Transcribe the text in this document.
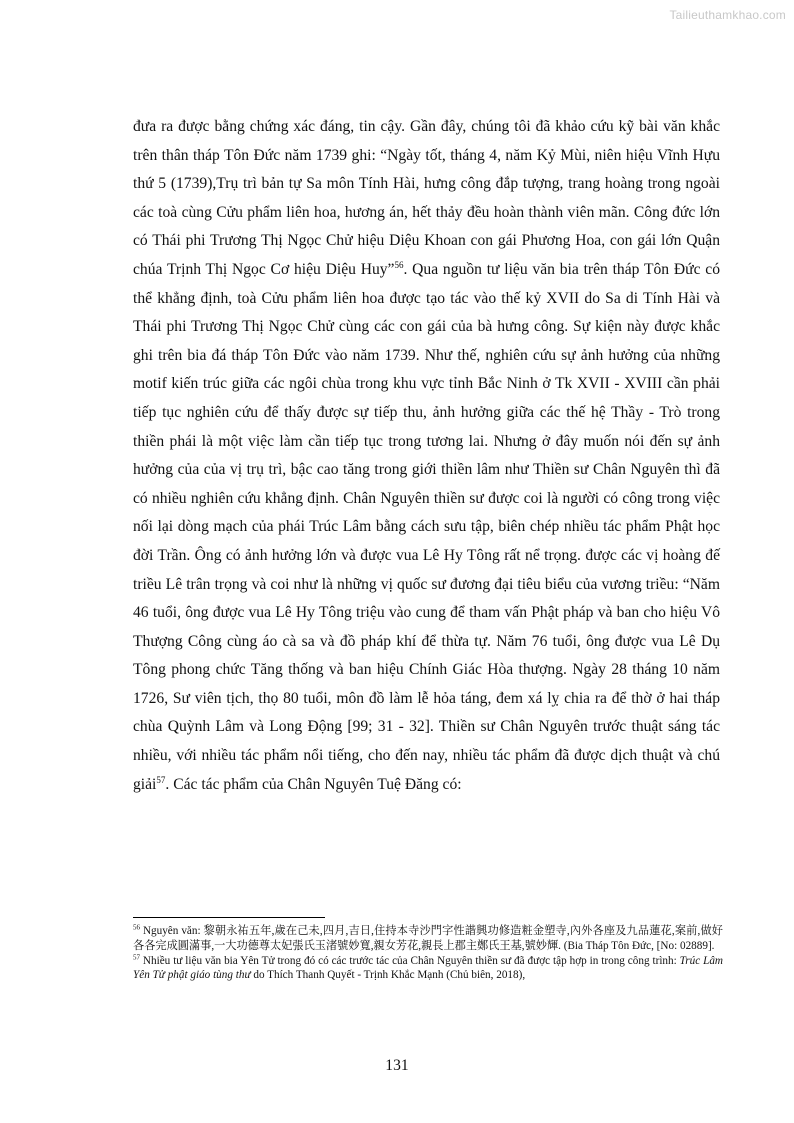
Tailieuthamkhao.com

đưa ra được bằng chứng xác đáng, tin cậy. Gần đây, chúng tôi đã khảo cứu kỹ bài văn khắc trên thân tháp Tôn Đức năm 1739 ghi: “Ngày tốt, tháng 4, năm Kỷ Mùi, niên hiệu Vĩnh Hựu thứ 5 (1739),Trụ trì bản tự Sa môn Tính Hài, hưng công đắp tượng, trang hoàng trong ngoài các toà cùng Cửu phẩm liên hoa, hương án, hết thảy đều hoàn thành viên mãn. Công đức lớn có Thái phi Trương Thị Ngọc Chử hiệu Diệu Khoan con gái Phương Hoa, con gái lớn Quận chúa Trịnh Thị Ngọc Cơ hiệu Diệu Huy”$^{56}$. Qua nguồn tư liệu văn bia trên tháp Tôn Đức có thể khẳng định, toà Cửu phẩm liên hoa được tạo tác vào thế kỷ XVII do Sa di Tính Hài và Thái phi Trương Thị Ngọc Chử cùng các con gái của bà hưng công. Sự kiện này được khắc ghi trên bia đá tháp Tôn Đức vào năm 1739. Như thế, nghiên cứu sự ảnh hưởng của những motif kiến trúc giữa các ngôi chùa trong khu vực tỉnh Bắc Ninh ở Tk XVII - XVIII cần phải tiếp tục nghiên cứu để thấy được sự tiếp thu, ảnh hưởng giữa các thế hệ Thầy - Trò trong thiền phái là một việc làm cần tiếp tục trong tương lai. Nhưng ở đây muốn nói đến sự ảnh hưởng của của vị trụ trì, bậc cao tăng trong giới thiền lâm như Thiền sư Chân Nguyên thì đã có nhiều nghiên cứu khẳng định. Chân Nguyên thiền sư được coi là người có công trong việc nối lại dòng mạch của phái Trúc Lâm bằng cách sưu tập, biên chép nhiều tác phẩm Phật học đời Trần. Ông có ảnh hưởng lớn và được vua Lê Hy Tông rất nể trọng. được các vị hoàng đế triều Lê trân trọng và coi như là những vị quốc sư đương đại tiêu biểu của vương triều: “Năm 46 tuổi, ông được vua Lê Hy Tông triệu vào cung để tham vấn Phật pháp và ban cho hiệu Vô Thượng Công cùng áo cà sa và đồ pháp khí để thừa tự. Năm 76 tuổi, ông được vua Lê Dụ Tông phong chức Tăng thống và ban hiệu Chính Giác Hòa thượng. Ngày 28 tháng 10 năm 1726, Sư viên tịch, thọ 80 tuổi, môn đồ làm lễ hỏa táng, đem xá lỵ chia ra để thờ ở hai tháp chùa Quỳnh Lâm và Long Động [99; 31 - 32]. Thiền sư Chân Nguyên trước thuật sáng tác nhiều, với nhiều tác phẩm nổi tiếng, cho đến nay, nhiều tác phẩm đã được dịch thuật và chú giải$^{57}$. Các tác phẩm của Chân Nguyên Tuệ Đăng có:

$^{56}$ Nguyên văn: 黎朝永祐五年,歲在己未,四月,吉日,住持本寺沙門字性諧興功修造粧金塑寺,內外各座及九品蓮花,案前,做好各各完成圓滿事,一大功德尊太妃張氏玉渚號妙寬,親女芳花,親長上郡主鄭氏王基,號妙輝. (Bia Tháp Tôn Đức, [No: 02889].

$^{57}$ Nhiều tư liệu văn bia Yên Tử trong đó có các trước tác của Chân Nguyên thiền sư đã được tập hợp in trong công trình: Trúc Lâm Yên Tử phật giáo tùng thư do Thích Thanh Quyết - Trịnh Khắc Mạnh (Chủ biên, 2018),

131
